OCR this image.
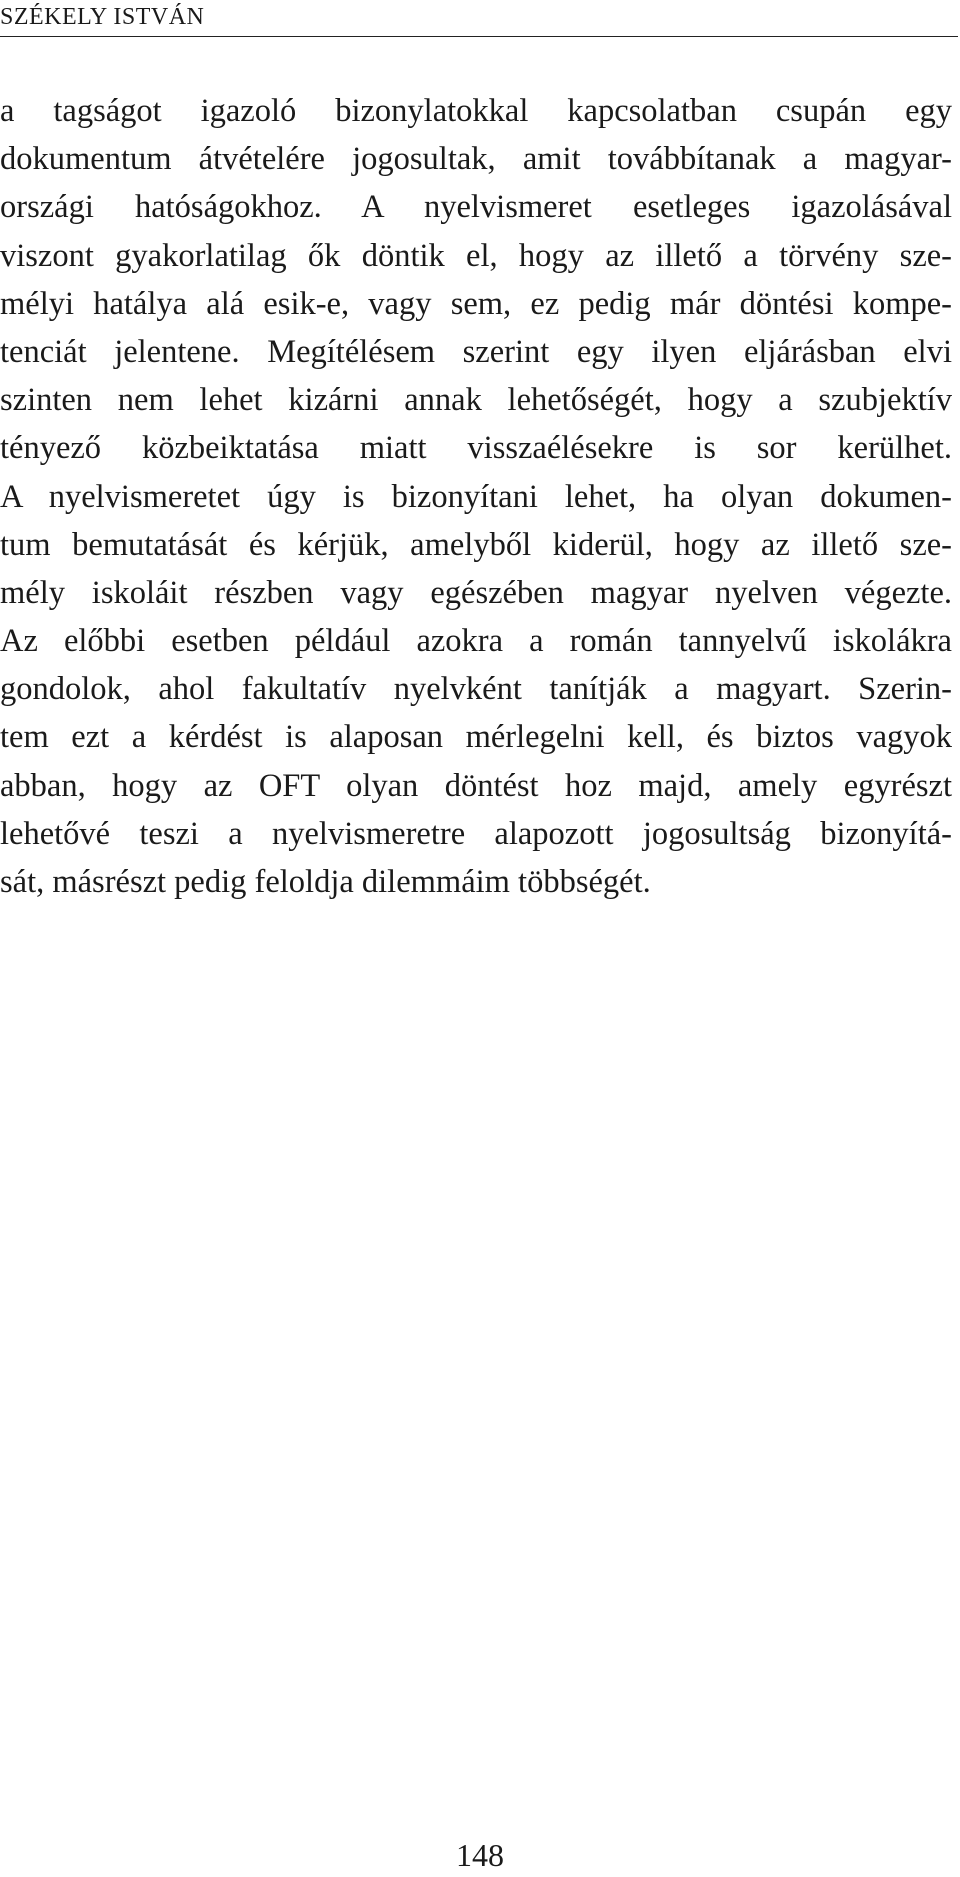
SZÉKELY ISTVÁN
a tagságot igazoló bizonylatokkal kapcsolatban csupán egy
dokumentum átvételére jogosultak, amit továbbítanak a magyar-
országi hatóságokhoz. A nyelvismeret esetleges igazolásával
viszont gyakorlatilag ők döntik el, hogy az illető a törvény sze-
mélyi hatálya alá esik-e, vagy sem, ez pedig már döntési kompe-
tenciát jelentene. Megítélésem szerint egy ilyen eljárásban elvi
szinten nem lehet kizárni annak lehetőségét, hogy a szubjektív
tényező közbeiktatása miatt visszaélésekre is sor kerülhet.
A nyelvismeretet úgy is bizonyítani lehet, ha olyan dokumen-
tum bemutatását és kérjük, amelyből kiderül, hogy az illető sze-
mély iskoláit részben vagy egészében magyar nyelven végezte.
Az előbbi esetben például azokra a román tannyelvű iskolákra
gondolok, ahol fakultatív nyelvként tanítják a magyart. Szerin-
tem ezt a kérdést is alaposan mérlegelni kell, és biztos vagyok
abban, hogy az OFT olyan döntést hoz majd, amely egyrészt
lehetővé teszi a nyelvismeretre alapozott jogosultság bizonyítá-
sát, másrészt pedig feloldja dilemmáim többségét.
148
